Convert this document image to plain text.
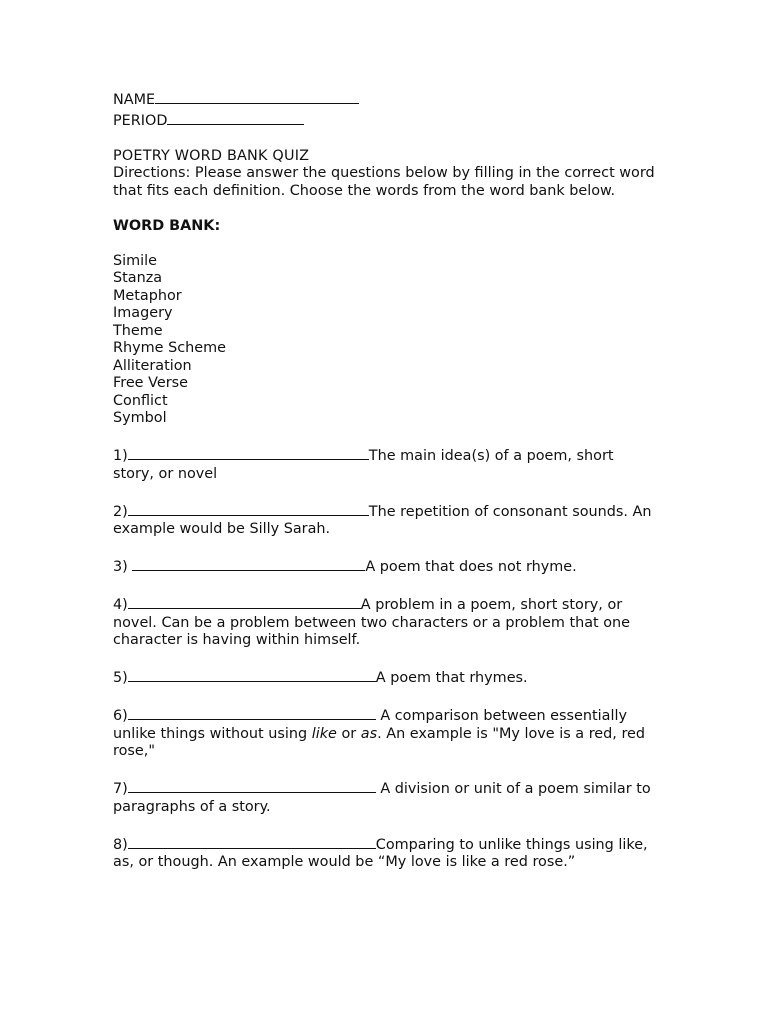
NAME
PERIOD
POETRY WORD BANK QUIZ
Directions: Please answer the questions below by filling in the correct word that fits each definition. Choose the words from the word bank below.
WORD BANK:
Simile
Stanza
Metaphor
Imagery
Theme
Rhyme Scheme
Alliteration
Free Verse
Conflict
Symbol
1)	The main idea(s) of a poem, short story, or novel
2)	The repetition of consonant sounds. An example would be Silly Sarah.
3)	A poem that does not rhyme.
4)	A problem in a poem, short story, or novel. Can be a problem between two characters or a problem that one character is having within himself.
5)	A poem that rhymes.
6)	A comparison between essentially unlike things without using like or as. An example is "My love is a red, red rose,"
7)	A division or unit of a poem similar to paragraphs of a story.
8)	Comparing to unlike things using like, as, or though. An example would be “My love is like a red rose.”
